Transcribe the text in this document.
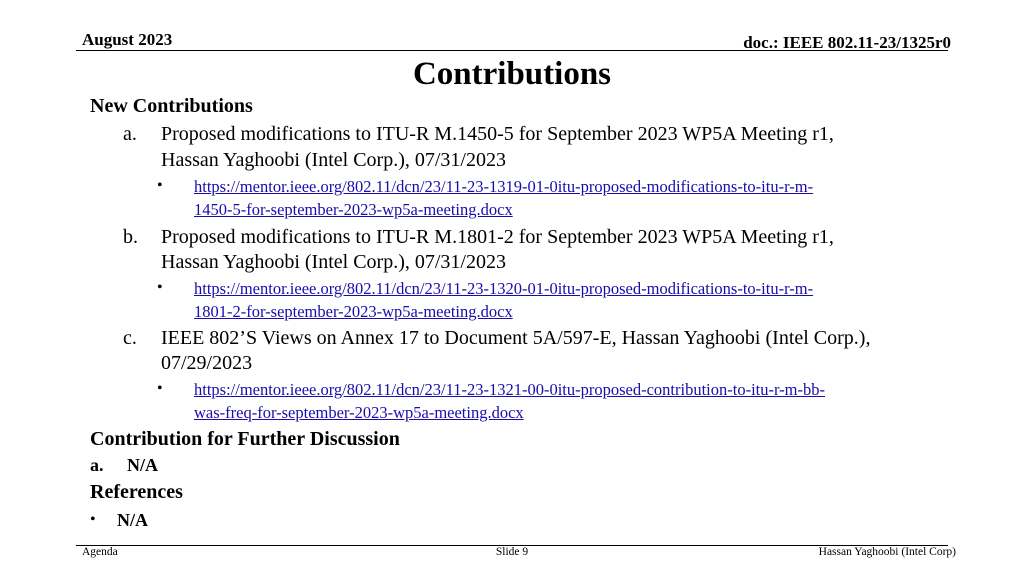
August 2023	doc.: IEEE 802.11-23/1325r0
Contributions
New Contributions
a. Proposed modifications to ITU-R M.1450-5 for September 2023 WP5A Meeting r1,
Hassan Yaghoobi (Intel Corp.), 07/31/2023
• https://mentor.ieee.org/802.11/dcn/23/11-23-1319-01-0itu-proposed-modifications-to-itu-r-m-
1450-5-for-september-2023-wp5a-meeting.docx
b. Proposed modifications to ITU-R M.1801-2 for September 2023 WP5A Meeting r1,
Hassan Yaghoobi (Intel Corp.), 07/31/2023
• https://mentor.ieee.org/802.11/dcn/23/11-23-1320-01-0itu-proposed-modifications-to-itu-r-m-
1801-2-for-september-2023-wp5a-meeting.docx
c. IEEE 802’S Views on Annex 17 to Document 5A/597-E, Hassan Yaghoobi (Intel Corp.),
07/29/2023
• https://mentor.ieee.org/802.11/dcn/23/11-23-1321-00-0itu-proposed-contribution-to-itu-r-m-bb-
was-freq-for-september-2023-wp5a-meeting.docx
Contribution for Further Discussion
a. N/A
References
• N/A
Agenda	Slide 9	Hassan Yaghoobi (Intel Corp)
